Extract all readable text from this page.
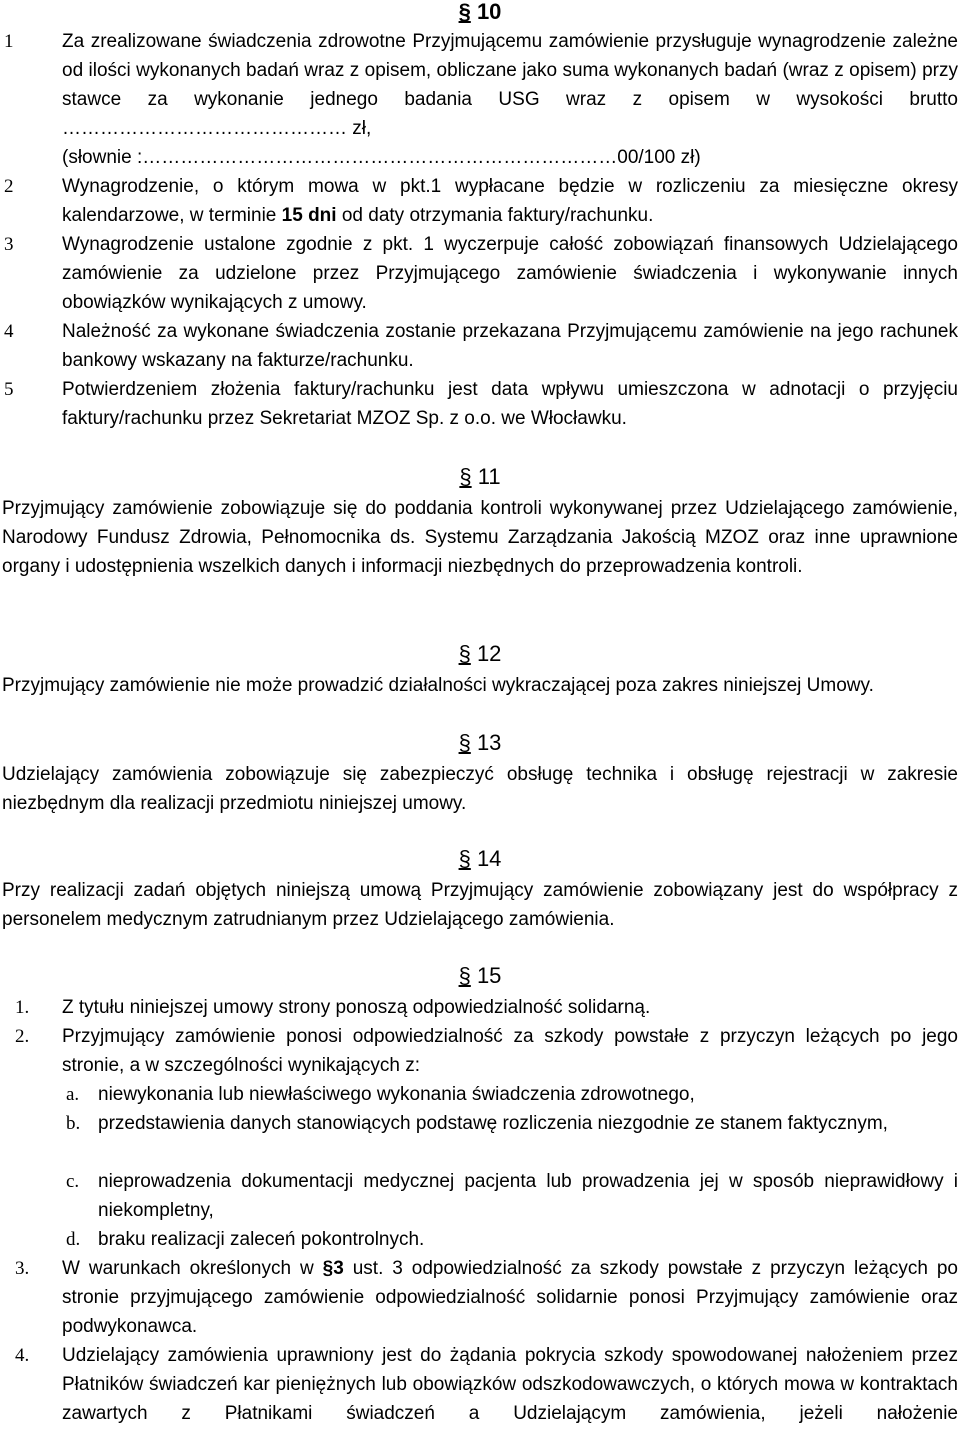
§ 10
1	Za zrealizowane świadczenia zdrowotne Przyjmującemu zamówienie przysługuje wynagrodzenie zależne od ilości wykonanych badań wraz z opisem, obliczane jako suma wykonanych badań (wraz z opisem) przy stawce za wykonanie jednego badania USG wraz z opisem w wysokości brutto ……………………………………… zł,

(słownie :…………………………………………………………………00/100 zł)

2	Wynagrodzenie, o którym mowa w pkt.1 wypłacane będzie w rozliczeniu za miesięczne okresy kalendarzowe, w terminie 15 dni od daty otrzymania faktury/rachunku.

3	Wynagrodzenie ustalone zgodnie z pkt. 1 wyczerpuje całość zobowiązań finansowych Udzielającego zamówienie za udzielone przez Przyjmującego zamówienie świadczenia i wykonywanie innych obowiązków wynikających z umowy.

4	Należność za wykonane świadczenia zostanie przekazana Przyjmującemu zamówienie na jego rachunek bankowy wskazany na fakturze/rachunku.

5	Potwierdzeniem złożenia faktury/rachunku jest data wpływu umieszczona w adnotacji o przyjęciu faktury/rachunku przez Sekretariat MZOZ Sp. z o.o. we Włocławku.

§ 11

Przyjmujący zamówienie zobowiązuje się do poddania kontroli wykonywanej przez Udzielającego zamówienie, Narodowy Fundusz Zdrowia, Pełnomocnika ds. Systemu Zarządzania Jakością MZOZ oraz inne uprawnione organy i udostępnienia wszelkich danych i informacji niezbędnych do przeprowadzenia kontroli.

§ 12

Przyjmujący zamówienie nie może prowadzić działalności wykraczającej poza zakres niniejszej Umowy.

§ 13

Udzielający zamówienia zobowiązuje się zabezpieczyć obsługę technika i obsługę rejestracji w zakresie niezbędnym dla realizacji przedmiotu niniejszej umowy.

§ 14

Przy realizacji zadań objętych niniejszą umową Przyjmujący zamówienie zobowiązany jest do współpracy z personelem medycznym zatrudnianym przez Udzielającego zamówienia.

§ 15
1.	Z tytułu niniejszej umowy strony ponoszą odpowiedzialność solidarną.

2.	Przyjmujący zamówienie ponosi odpowiedzialność za szkody powstałe z przyczyn leżących po jego stronie, a w szczególności wynikających z:

a. niewykonania lub niewłaściwego wykonania świadczenia zdrowotnego,

b. przedstawienia danych stanowiących podstawę rozliczenia niezgodnie ze stanem faktycznym,

c. nieprowadzenia dokumentacji medycznej pacjenta lub prowadzenia jej w sposób nieprawidłowy i niekompletny,

d. braku realizacji zaleceń pokontrolnych.

3.	W warunkach określonych w §3 ust. 3 odpowiedzialność za szkody powstałe z przyczyn leżących po stronie przyjmującego zamówienie odpowiedzialność solidarnie ponosi Przyjmujący zamówienie oraz podwykonawca.

4.	Udzielający zamówienia uprawniony jest do żądania pokrycia szkody spowodowanej nałożeniem przez Płatników świadczeń kar pieniężnych lub obowiązków odszkodowawczych, o których mowa w kontraktach zawartych z Płatnikami świadczeń a Udzielającym zamówienia, jeżeli nałożenie
